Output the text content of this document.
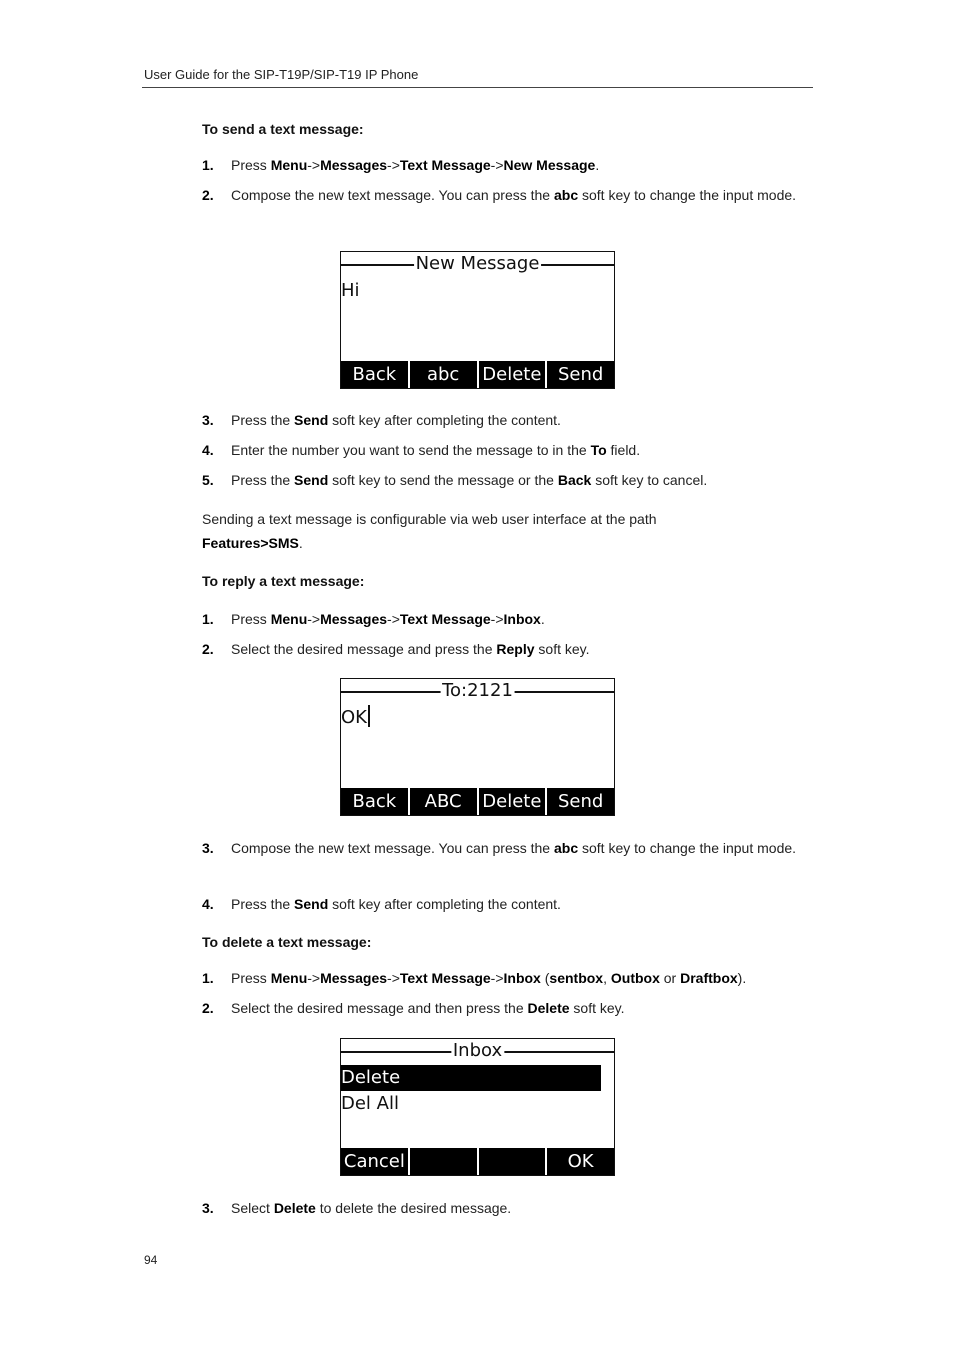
User Guide for the SIP-T19P/SIP-T19 IP Phone
To send a text message:
1. Press Menu->Messages->Text Message->New Message.
2. Compose the new text message. You can press the abc soft key to change the input mode.
New Message
Hi
Back	abc	Delete Send
3. Press the Send soft key after completing the content.
4. Enter the number you want to send the message to in the To field.
5. Press the Send soft key to send the message or the Back soft key to cancel.
Sending a text message is configurable via web user interface at the path
Features>SMS.
To reply a text message:
1. Press Menu->Messages->Text Message->Inbox.
2. Select the desired message and press the Reply soft key.
To:2121
OK
Back	ABC	Delete Send
3. Compose the new text message. You can press the abc soft key to change the input mode.
4. Press the Send soft key after completing the content.
To delete a text message:
1. Press Menu->Messages->Text Message->Inbox (sentbox, Outbox or Draftbox).
2. Select the desired message and then press the Delete soft key.
Inbox
Delete
Del All
Cancel	OK
3. Select Delete to delete the desired message.
94
